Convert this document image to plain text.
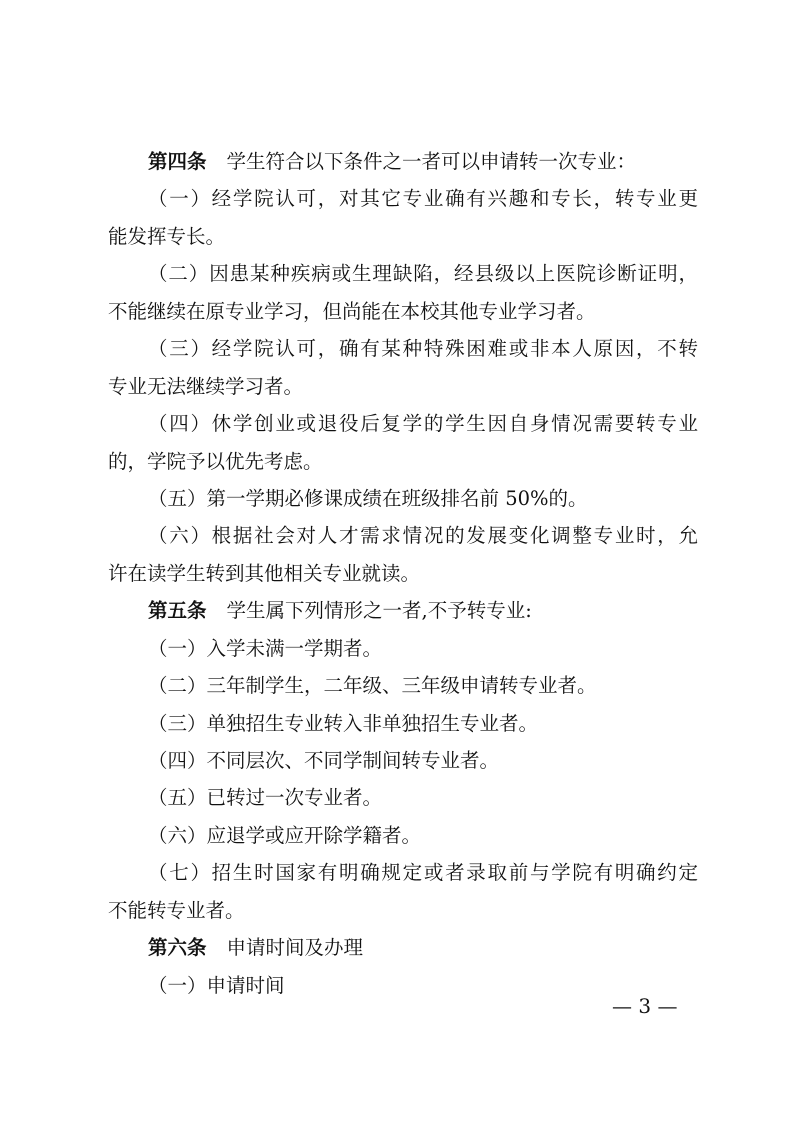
第四条 学生符合以下条件之一者可以申请转一次专业：
（一）经学院认可，对其它专业确有兴趣和专长，转专业更
能发挥专长。
（二）因患某种疾病或生理缺陷，经县级以上医院诊断证明，
不能继续在原专业学习，但尚能在本校其他专业学习者。
（三）经学院认可，确有某种特殊困难或非本人原因，不转
专业无法继续学习者。
（四）休学创业或退役后复学的学生因自身情况需要转专业
的，学院予以优先考虑。
（五）第一学期必修课成绩在班级排名前 50%的。
（六）根据社会对人才需求情况的发展变化调整专业时，允
许在读学生转到其他相关专业就读。
第五条 学生属下列情形之一者,不予转专业:
（一）入学未满一学期者。
（二）三年制学生，二年级、三年级申请转专业者。
（三）单独招生专业转入非单独招生专业者。
（四）不同层次、不同学制间转专业者。
（五）已转过一次专业者。
（六）应退学或应开除学籍者。
（七）招生时国家有明确规定或者录取前与学院有明确约定
不能转专业者。
第六条 申请时间及办理
（一）申请时间
— 3 —
